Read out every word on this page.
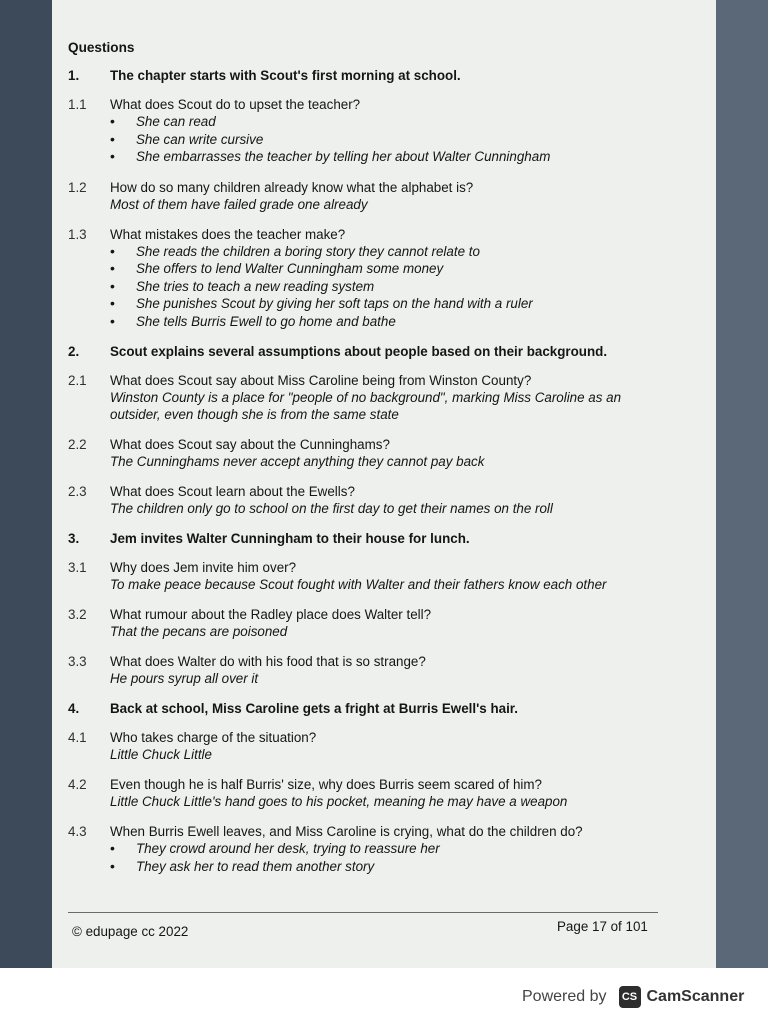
Questions
1.	The chapter starts with Scout's first morning at school.
1.1	What does Scout do to upset the teacher?
• She can read
• She can write cursive
• She embarrasses the teacher by telling her about Walter Cunningham
1.2	How do so many children already know what the alphabet is?
Most of them have failed grade one already
1.3	What mistakes does the teacher make?
• She reads the children a boring story they cannot relate to
• She offers to lend Walter Cunningham some money
• She tries to teach a new reading system
• She punishes Scout by giving her soft taps on the hand with a ruler
• She tells Burris Ewell to go home and bathe
2.	Scout explains several assumptions about people based on their background.
2.1	What does Scout say about Miss Caroline being from Winston County?
Winston County is a place for "people of no background", marking Miss Caroline as an outsider, even though she is from the same state
2.2	What does Scout say about the Cunninghams?
The Cunninghams never accept anything they cannot pay back
2.3	What does Scout learn about the Ewells?
The children only go to school on the first day to get their names on the roll
3.	Jem invites Walter Cunningham to their house for lunch.
3.1	Why does Jem invite him over?
To make peace because Scout fought with Walter and their fathers know each other
3.2	What rumour about the Radley place does Walter tell?
That the pecans are poisoned
3.3	What does Walter do with his food that is so strange?
He pours syrup all over it
4.	Back at school, Miss Caroline gets a fright at Burris Ewell's hair.
4.1	Who takes charge of the situation?
Little Chuck Little
4.2	Even though he is half Burris' size, why does Burris seem scared of him?
Little Chuck Little's hand goes to his pocket, meaning he may have a weapon
4.3	When Burris Ewell leaves, and Miss Caroline is crying, what do the children do?
• They crowd around her desk, trying to reassure her
• They ask her to read them another story
© edupage cc 2022	Page 17 of 101
Powered by	CS CamScanner
